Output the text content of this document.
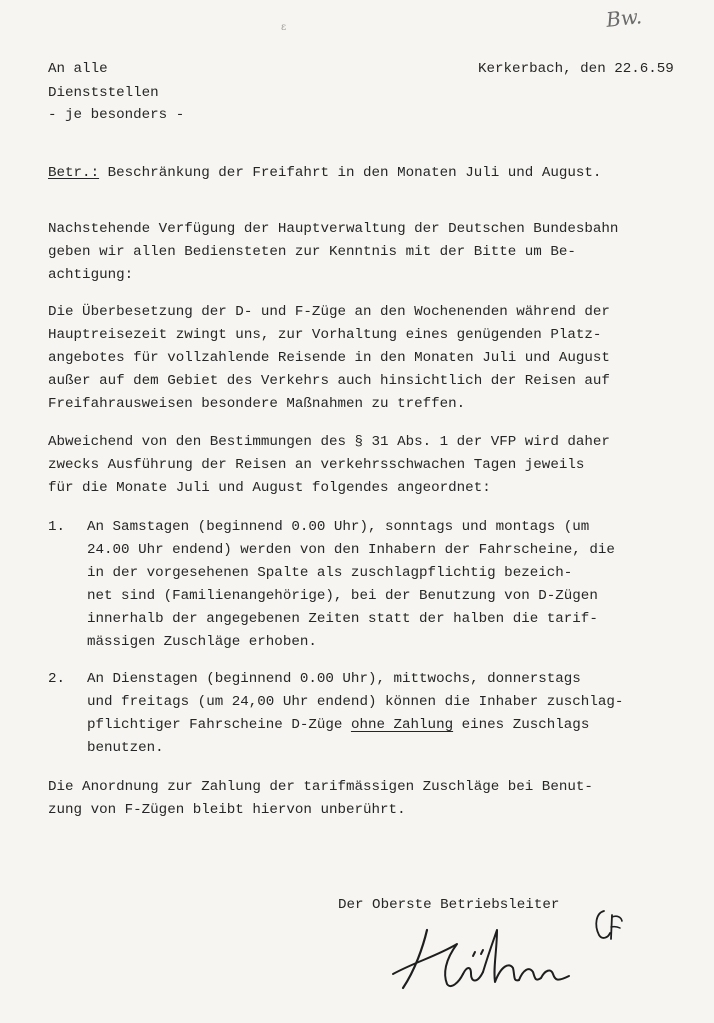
Bw.
ε
An alle
Dienststellen
- je besonders -
Kerkerbach, den 22.6.59
Betr.: Beschränkung der Freifahrt in den Monaten Juli und August.
Nachstehende Verfügung der Hauptverwaltung der Deutschen Bundesbahn
geben wir allen Bediensteten zur Kenntnis mit der Bitte um Be-
achtigung:
Die Überbesetzung der D- und F-Züge an den Wochenenden während der
Hauptreisezeit zwingt uns, zur Vorhaltung eines genügenden Platz-
angebotes für vollzahlende Reisende in den Monaten Juli und August
außer auf dem Gebiet des Verkehrs auch hinsichtlich der Reisen auf
Freifahrausweisen besondere Maßnahmen zu treffen.
Abweichend von den Bestimmungen des § 31 Abs. 1 der VFP wird daher
zwecks Ausführung der Reisen an verkehrsschwachen Tagen jeweils
für die Monate Juli und August folgendes angeordnet:
1. An Samstagen (beginnend 0.00 Uhr), sonntags und montags (um
24.00 Uhr endend) werden von den Inhabern der Fahrscheine, die
in der vorgesehenen Spalte als zuschlagpflichtig bezeich-
net sind (Familienangehörige), bei der Benutzung von D-Zügen
innerhalb der angegebenen Zeiten statt der halben die tarif-
mässigen Zuschläge erhoben.
2. An Dienstagen (beginnend 0.00 Uhr), mittwochs, donnerstags
und freitags (um 24,00 Uhr endend) können die Inhaber zuschlag-
pflichtiger Fahrscheine D-Züge ohne Zahlung eines Zuschlags
benutzen.
Die Anordnung zur Zahlung der tarifmässigen Zuschläge bei Benut-
zung von F-Zügen bleibt hiervon unberührt.
Der Oberste Betriebsleiter
